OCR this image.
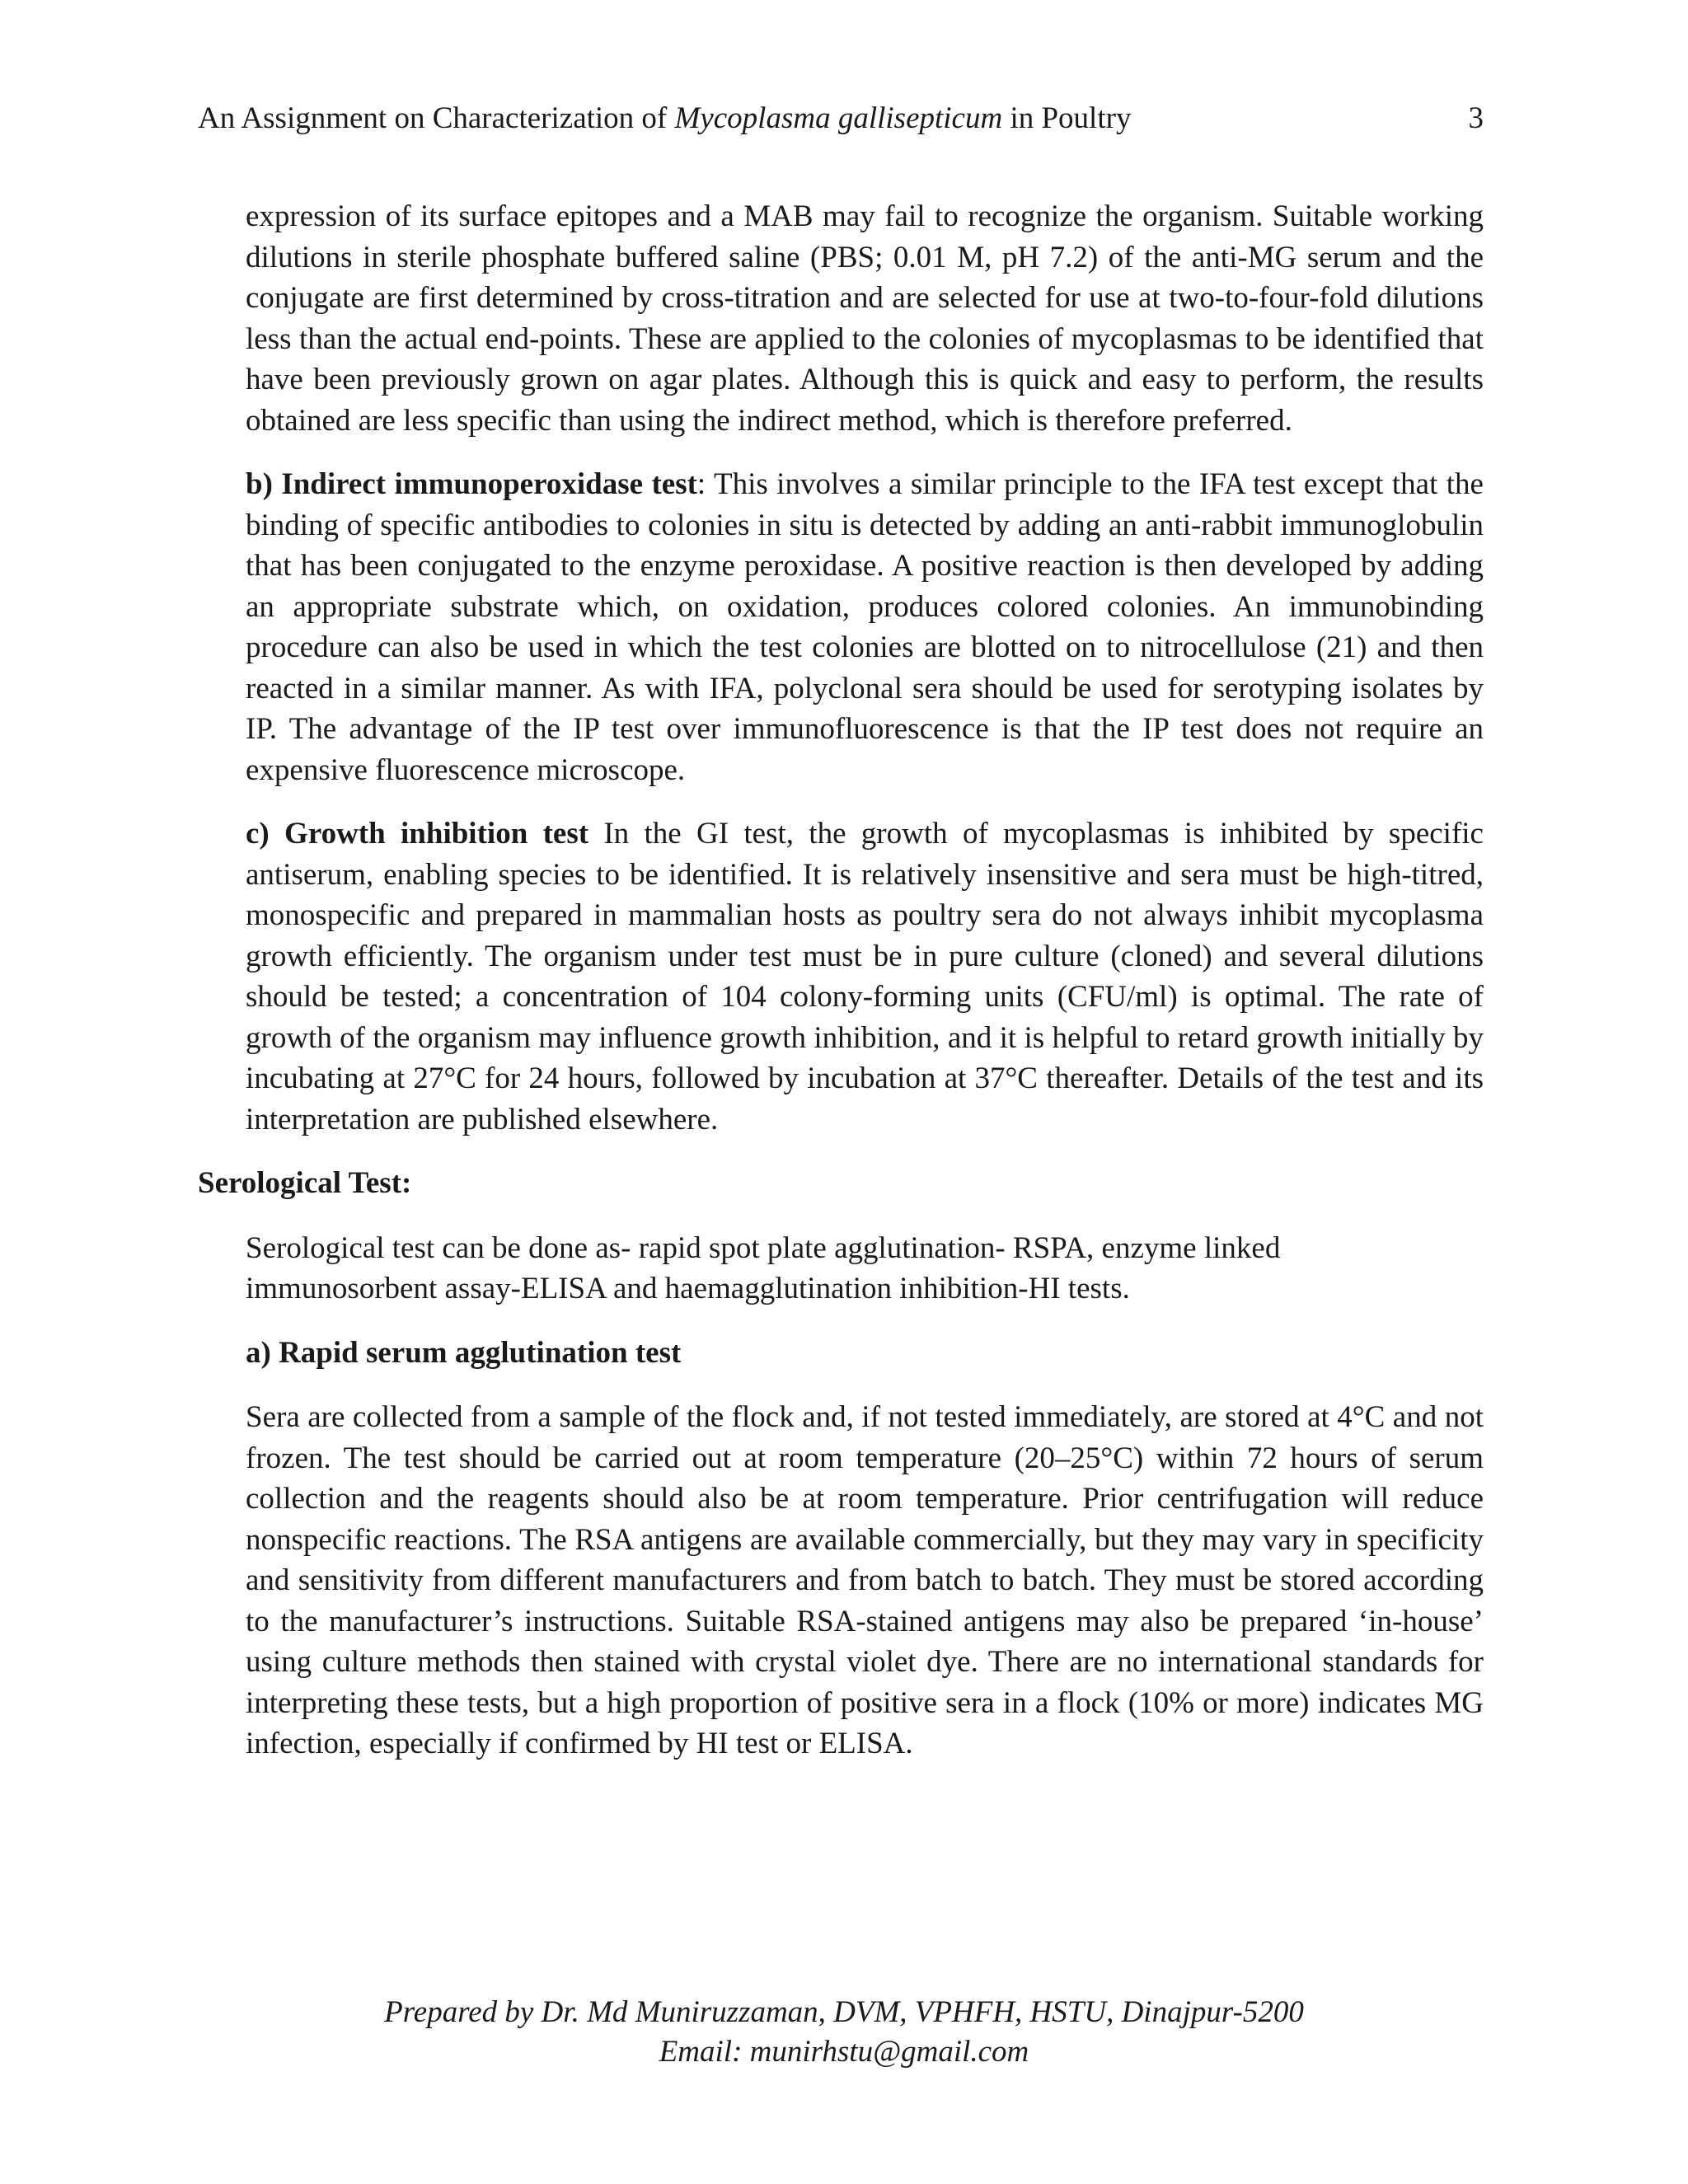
An Assignment on Characterization of Mycoplasma gallisepticum in Poultry	3

expression of its surface epitopes and a MAB may fail to recognize the organism. Suitable working dilutions in sterile phosphate buffered saline (PBS; 0.01 M, pH 7.2) of the anti-MG serum and the conjugate are first determined by cross-titration and are selected for use at two-to-four-fold dilutions less than the actual end-points. These are applied to the colonies of mycoplasmas to be identified that have been previously grown on agar plates. Although this is quick and easy to perform, the results obtained are less specific than using the indirect method, which is therefore preferred.

b) Indirect immunoperoxidase test: This involves a similar principle to the IFA test except that the binding of specific antibodies to colonies in situ is detected by adding an anti-rabbit immunoglobulin that has been conjugated to the enzyme peroxidase. A positive reaction is then developed by adding an appropriate substrate which, on oxidation, produces colored colonies. An immunobinding procedure can also be used in which the test colonies are blotted on to nitrocellulose (21) and then reacted in a similar manner. As with IFA, polyclonal sera should be used for serotyping isolates by IP. The advantage of the IP test over immunofluorescence is that the IP test does not require an expensive fluorescence microscope.

c) Growth inhibition test In the GI test, the growth of mycoplasmas is inhibited by specific antiserum, enabling species to be identified. It is relatively insensitive and sera must be high-titred, monospecific and prepared in mammalian hosts as poultry sera do not always inhibit mycoplasma growth efficiently. The organism under test must be in pure culture (cloned) and several dilutions should be tested; a concentration of 104 colony-forming units (CFU/ml) is optimal. The rate of growth of the organism may influence growth inhibition, and it is helpful to retard growth initially by incubating at 27°C for 24 hours, followed by incubation at 37°C thereafter. Details of the test and its interpretation are published elsewhere.

Serological Test:
Serological test can be done as- rapid spot plate agglutination- RSPA, enzyme linked
immunosorbent assay-ELISA and haemagglutination inhibition-HI tests.
a) Rapid serum agglutination test

Sera are collected from a sample of the flock and, if not tested immediately, are stored at 4°C and not frozen. The test should be carried out at room temperature (20–25°C) within 72 hours of serum collection and the reagents should also be at room temperature. Prior centrifugation will reduce nonspecific reactions. The RSA antigens are available commercially, but they may vary in specificity and sensitivity from different manufacturers and from batch to batch. They must be stored according to the manufacturer’s instructions. Suitable RSA-stained antigens may also be prepared ‘in-house’ using culture methods then stained with crystal violet dye. There are no international standards for interpreting these tests, but a high proportion of positive sera in a flock (10% or more) indicates MG infection, especially if confirmed by HI test or ELISA.

Prepared by Dr. Md Muniruzzaman, DVM, VPHFH, HSTU, Dinajpur-5200
Email: munirhstu@gmail.com
